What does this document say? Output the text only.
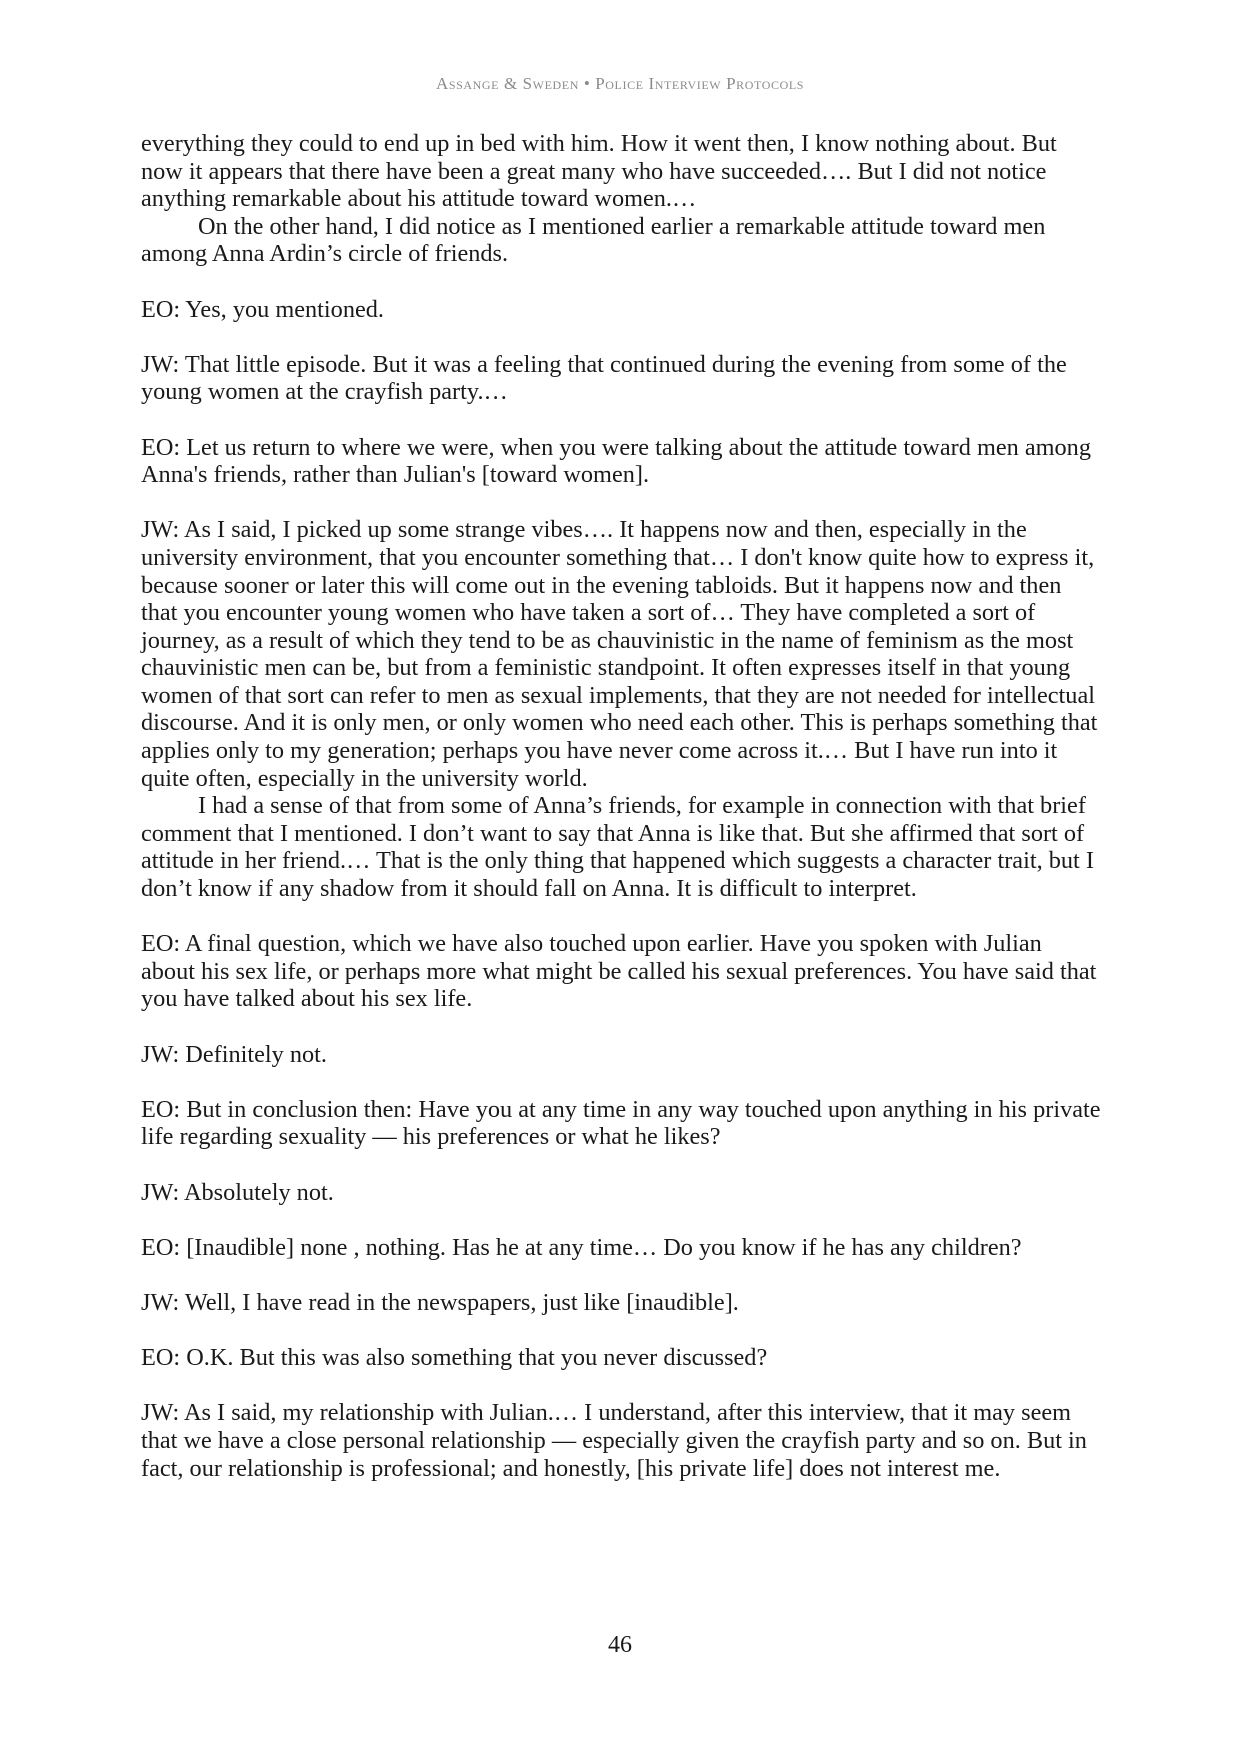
Assange & Sweden • Police Interview Protocols

everything they could to end up in bed with him. How it went then, I know nothing about. But now it appears that there have been a great many who have succeeded…. But I did not notice anything remarkable about his attitude toward women.…

On the other hand, I did notice as I mentioned earlier a remarkable attitude toward men among Anna Ardin’s circle of friends.

EO: Yes, you mentioned.

JW: That little episode. But it was a feeling that continued during the evening from some of the young women at the crayfish party.…

EO: Let us return to where we were, when you were talking about the attitude toward men among Anna's friends, rather than Julian's [toward women].

JW: As I said, I picked up some strange vibes…. It happens now and then, especially in the university environment, that you encounter something that… I don't know quite how to express it, because sooner or later this will come out in the evening tabloids. But it happens now and then that you encounter young women who have taken a sort of… They have completed a sort of journey, as a result of which they tend to be as chauvinistic in the name of feminism as the most chauvinistic men can be, but from a feministic standpoint. It often expresses itself in that young women of that sort can refer to men as sexual implements, that they are not needed for intellectual discourse. And it is only men, or only women who need each other. This is perhaps something that applies only to my generation; perhaps you have never come across it.… But I have run into it quite often, especially in the university world.

I had a sense of that from some of Anna’s friends, for example in connection with that brief comment that I mentioned. I don’t want to say that Anna is like that. But she affirmed that sort of attitude in her friend.… That is the only thing that happened which suggests a character trait, but I don’t know if any shadow from it should fall on Anna. It is difficult to interpret.

EO: A final question, which we have also touched upon earlier. Have you spoken with Julian about his sex life, or perhaps more what might be called his sexual preferences. You have said that you have talked about his sex life.

JW: Definitely not.

EO: But in conclusion then: Have you at any time in any way touched upon anything in his private life regarding sexuality — his preferences or what he likes?

JW: Absolutely not.

EO: [Inaudible] none , nothing. Has he at any time… Do you know if he has any children?

JW: Well, I have read in the newspapers, just like [inaudible].

EO: O.K. But this was also something that you never discussed?

JW: As I said, my relationship with Julian.… I understand, after this interview, that it may seem that we have a close personal relationship — especially given the crayfish party and so on. But in fact, our relationship is professional; and honestly, [his private life] does not interest me.

46
